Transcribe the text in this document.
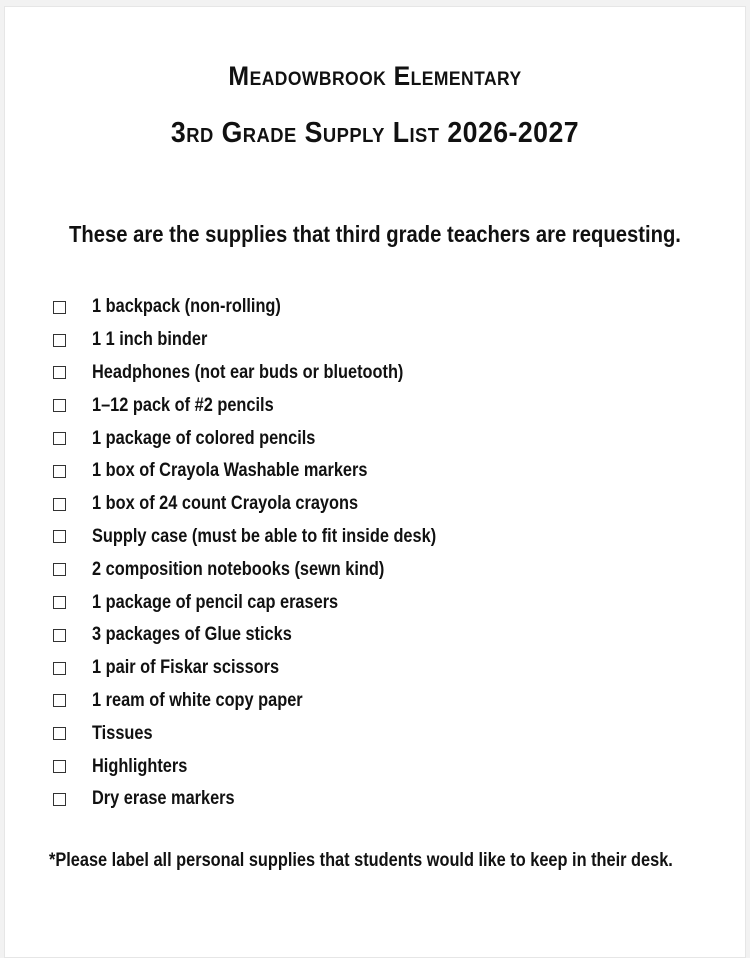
Meadowbrook Elementary
3rd Grade Supply List 2026-2027
These are the supplies that third grade teachers are requesting.
1 backpack (non-rolling)
1 1 inch binder
Headphones (not ear buds or bluetooth)
1–12 pack of #2 pencils
1 package of colored pencils
1 box of Crayola Washable markers
1 box of 24 count Crayola crayons
Supply case (must be able to fit inside desk)
2 composition notebooks (sewn kind)
1 package of pencil cap erasers
3 packages of Glue sticks
1 pair of Fiskar scissors
1 ream of white copy paper
Tissues
Highlighters
Dry erase markers
*Please label all personal supplies that students would like to keep in their desk.
